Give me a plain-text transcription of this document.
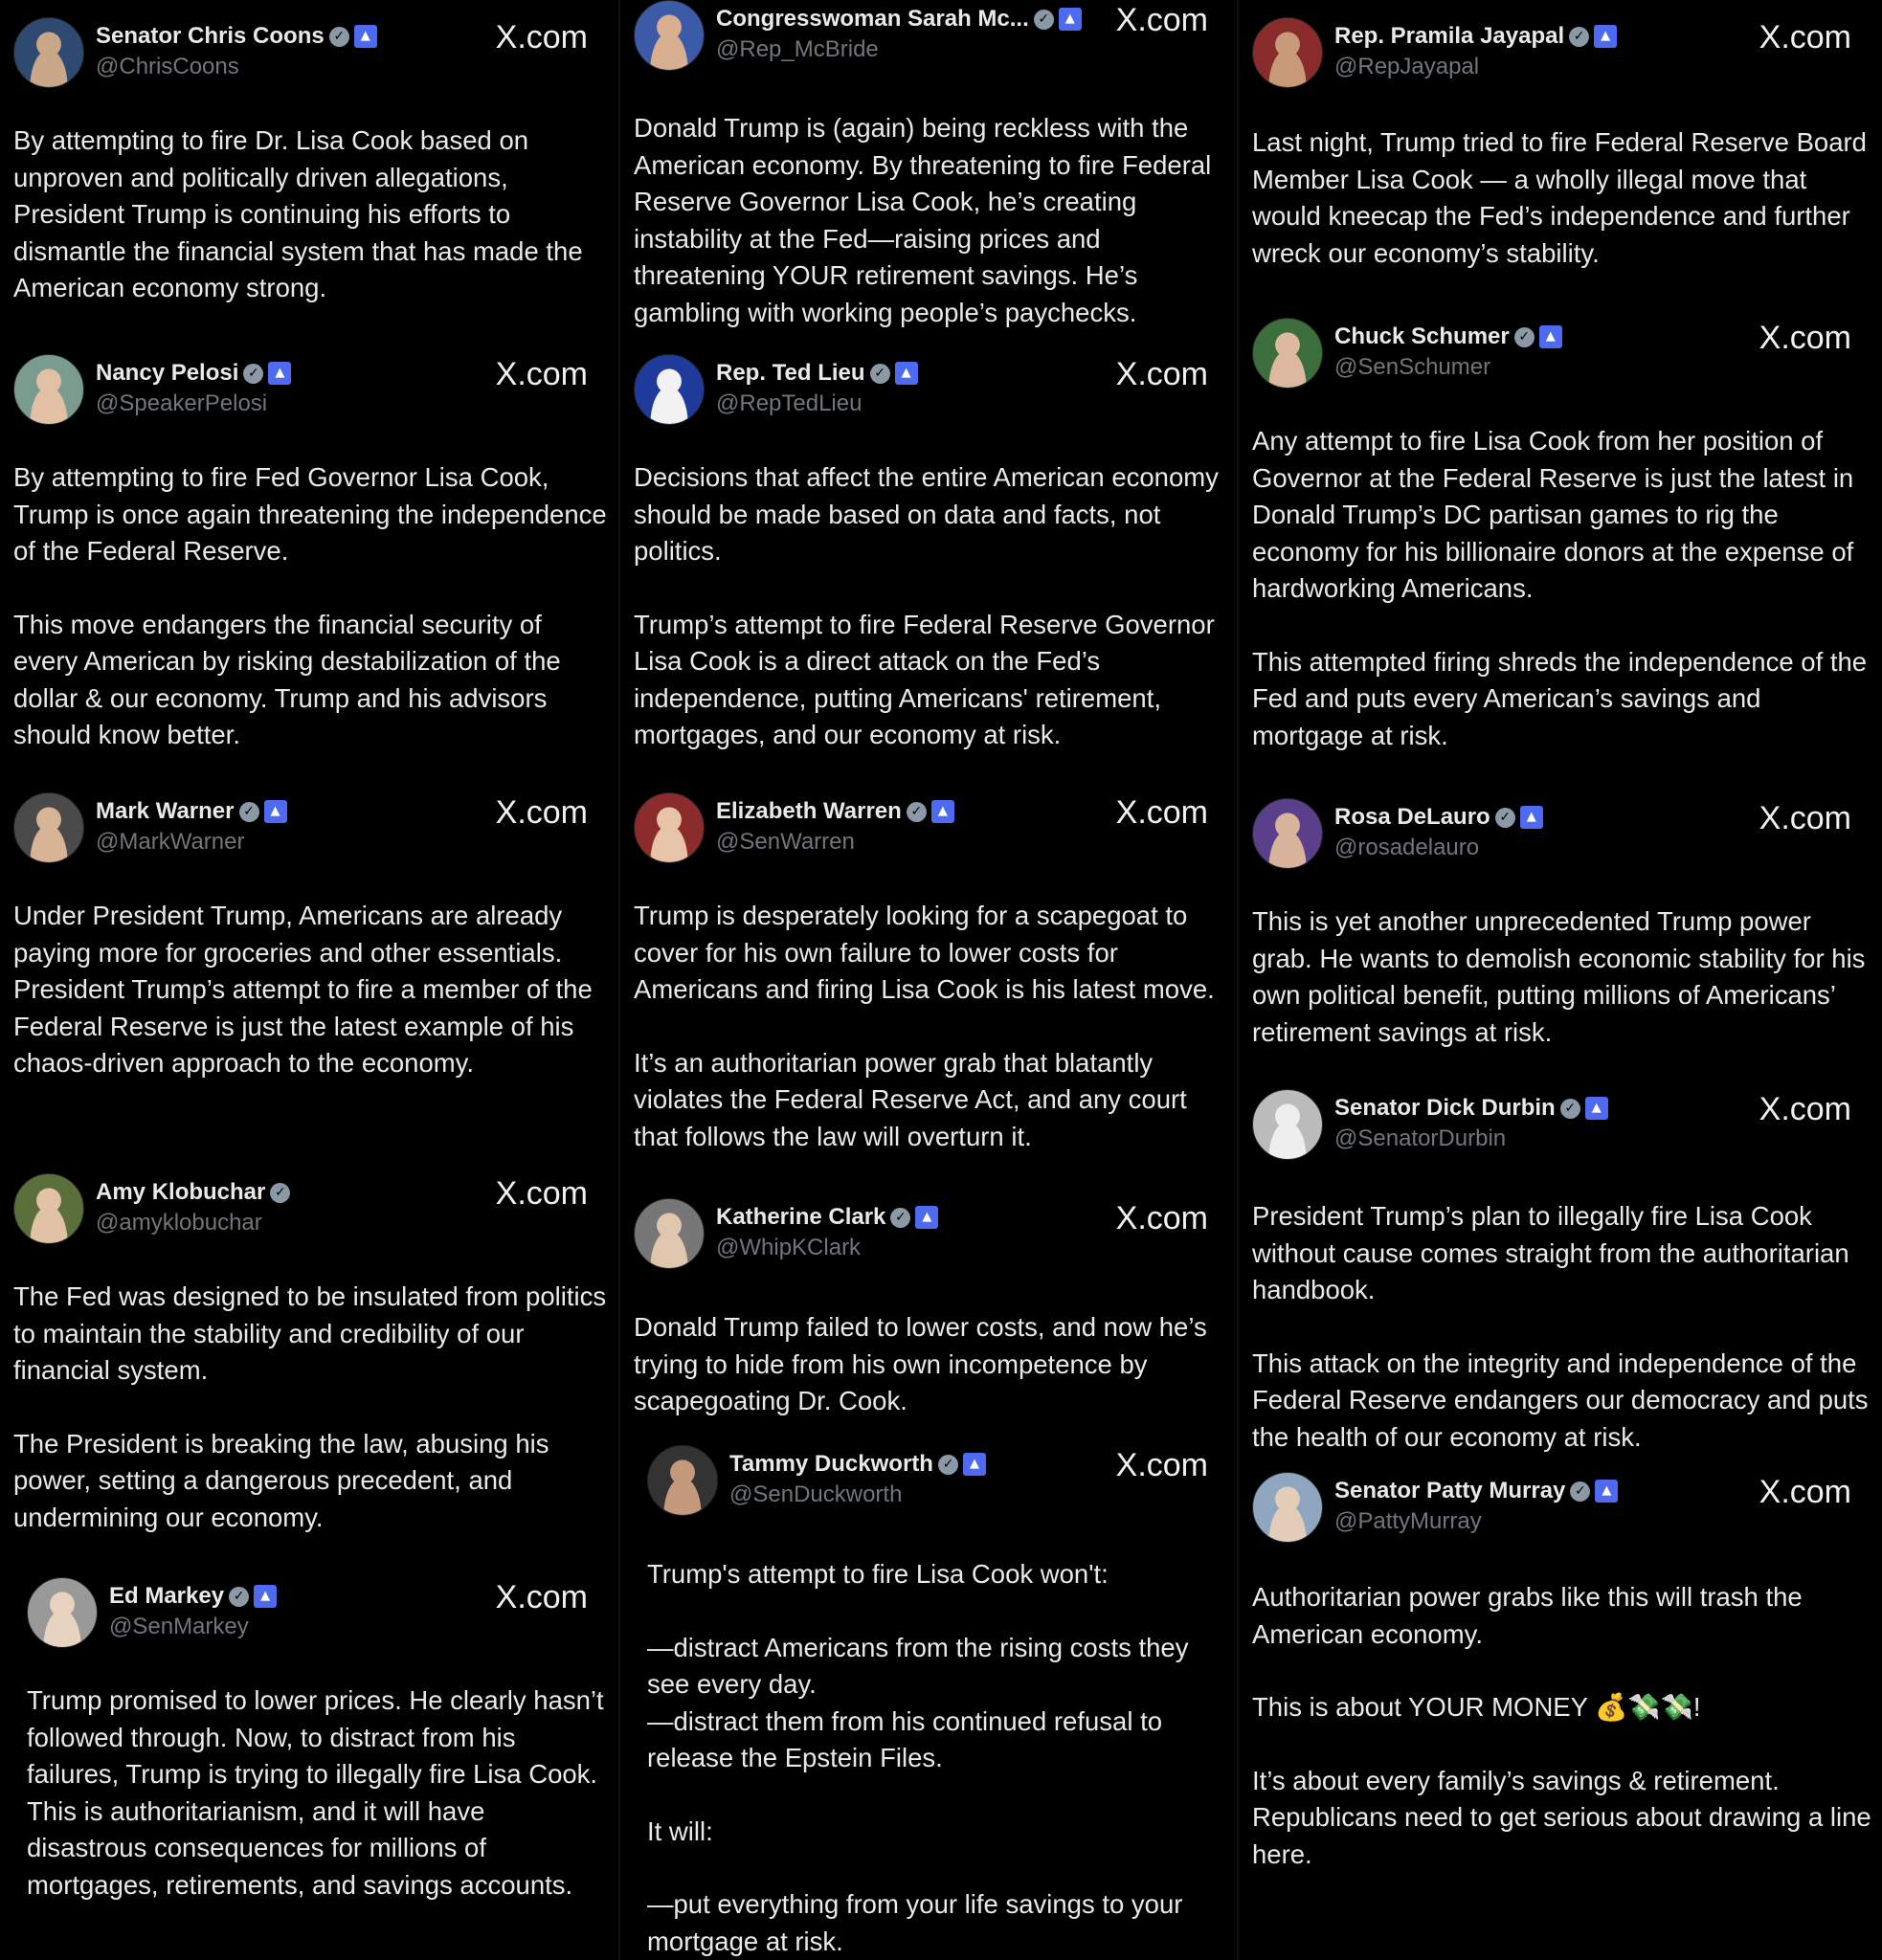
Senator Chris Coons ✓	▲
@ChrisCoons
X.com

By attempting to fire Dr. Lisa Cook based on unproven and politically driven allegations, President Trump is continuing his efforts to dismantle the financial system that has made the American economy strong.

Congresswoman Sarah Mc... ✓	▲
@Rep_McBride
X.com

Donald Trump is (again) being reckless with the American economy. By threatening to fire Federal Reserve Governor Lisa Cook, he’s creating instability at the Fed—raising prices and threatening YOUR retirement savings. He’s gambling with working people’s paychecks.

Rep. Pramila Jayapal ✓	▲
@RepJayapal
X.com

Last night, Trump tried to fire Federal Reserve Board Member Lisa Cook — a wholly illegal move that would kneecap the Fed’s independence and further wreck our economy’s stability.

Nancy Pelosi ✓	▲
@SpeakerPelosi
X.com

By attempting to fire Fed Governor Lisa Cook, Trump is once again threatening the independence of the Federal Reserve.

This move endangers the financial security of every American by risking destabilization of the dollar & our economy. Trump and his advisors should know better.

Rep. Ted Lieu ✓	▲
@RepTedLieu
X.com

Decisions that affect the entire American economy should be made based on data and facts, not politics.

Trump’s attempt to fire Federal Reserve Governor Lisa Cook is a direct attack on the Fed’s independence, putting Americans' retirement, mortgages, and our economy at risk.

Chuck Schumer ✓	▲
@SenSchumer
X.com

Any attempt to fire Lisa Cook from her position of Governor at the Federal Reserve is just the latest in Donald Trump’s DC partisan games to rig the economy for his billionaire donors at the expense of hardworking Americans.

This attempted firing shreds the independence of the Fed and puts every American’s savings and mortgage at risk.

Mark Warner ✓	▲
@MarkWarner
X.com

Under President Trump, Americans are already paying more for groceries and other essentials. President Trump’s attempt to fire a member of the Federal Reserve is just the latest example of his chaos-driven approach to the economy.

Elizabeth Warren ✓	▲
@SenWarren
X.com

Trump is desperately looking for a scapegoat to cover for his own failure to lower costs for Americans and firing Lisa Cook is his latest move.

It’s an authoritarian power grab that blatantly violates the Federal Reserve Act, and any court that follows the law will overturn it.

Rosa DeLauro ✓	▲
@rosadelauro
X.com

This is yet another unprecedented Trump power grab. He wants to demolish economic stability for his own political benefit, putting millions of Americans’ retirement savings at risk.

Amy Klobuchar ✓
@amyklobuchar
X.com

The Fed was designed to be insulated from politics to maintain the stability and credibility of our financial system.

The President is breaking the law, abusing his power, setting a dangerous precedent, and undermining our economy.

Katherine Clark ✓	▲
@WhipKClark
X.com

Donald Trump failed to lower costs, and now he’s trying to hide from his own incompetence by scapegoating Dr. Cook.

Senator Dick Durbin ✓	▲
@SenatorDurbin
X.com

President Trump’s plan to illegally fire Lisa Cook without cause comes straight from the authoritarian handbook.

This attack on the integrity and independence of the Federal Reserve endangers our democracy and puts the health of our economy at risk.

Ed Markey ✓	▲
@SenMarkey
X.com

Trump promised to lower prices. He clearly hasn’t followed through. Now, to distract from his failures, Trump is trying to illegally fire Lisa Cook. This is authoritarianism, and it will have disastrous consequences for millions of mortgages, retirements, and savings accounts.

Tammy Duckworth ✓	▲
@SenDuckworth
X.com

Trump's attempt to fire Lisa Cook won't:

—distract Americans from the rising costs they see every day.
—distract them from his continued refusal to release the Epstein Files.

It will:

—put everything from your life savings to your mortgage at risk.

Senator Patty Murray ✓	▲
@PattyMurray
X.com

Authoritarian power grabs like this will trash the American economy.

This is about YOUR MONEY 💰💸💸!

It’s about every family’s savings & retirement. Republicans need to get serious about drawing a line here.
